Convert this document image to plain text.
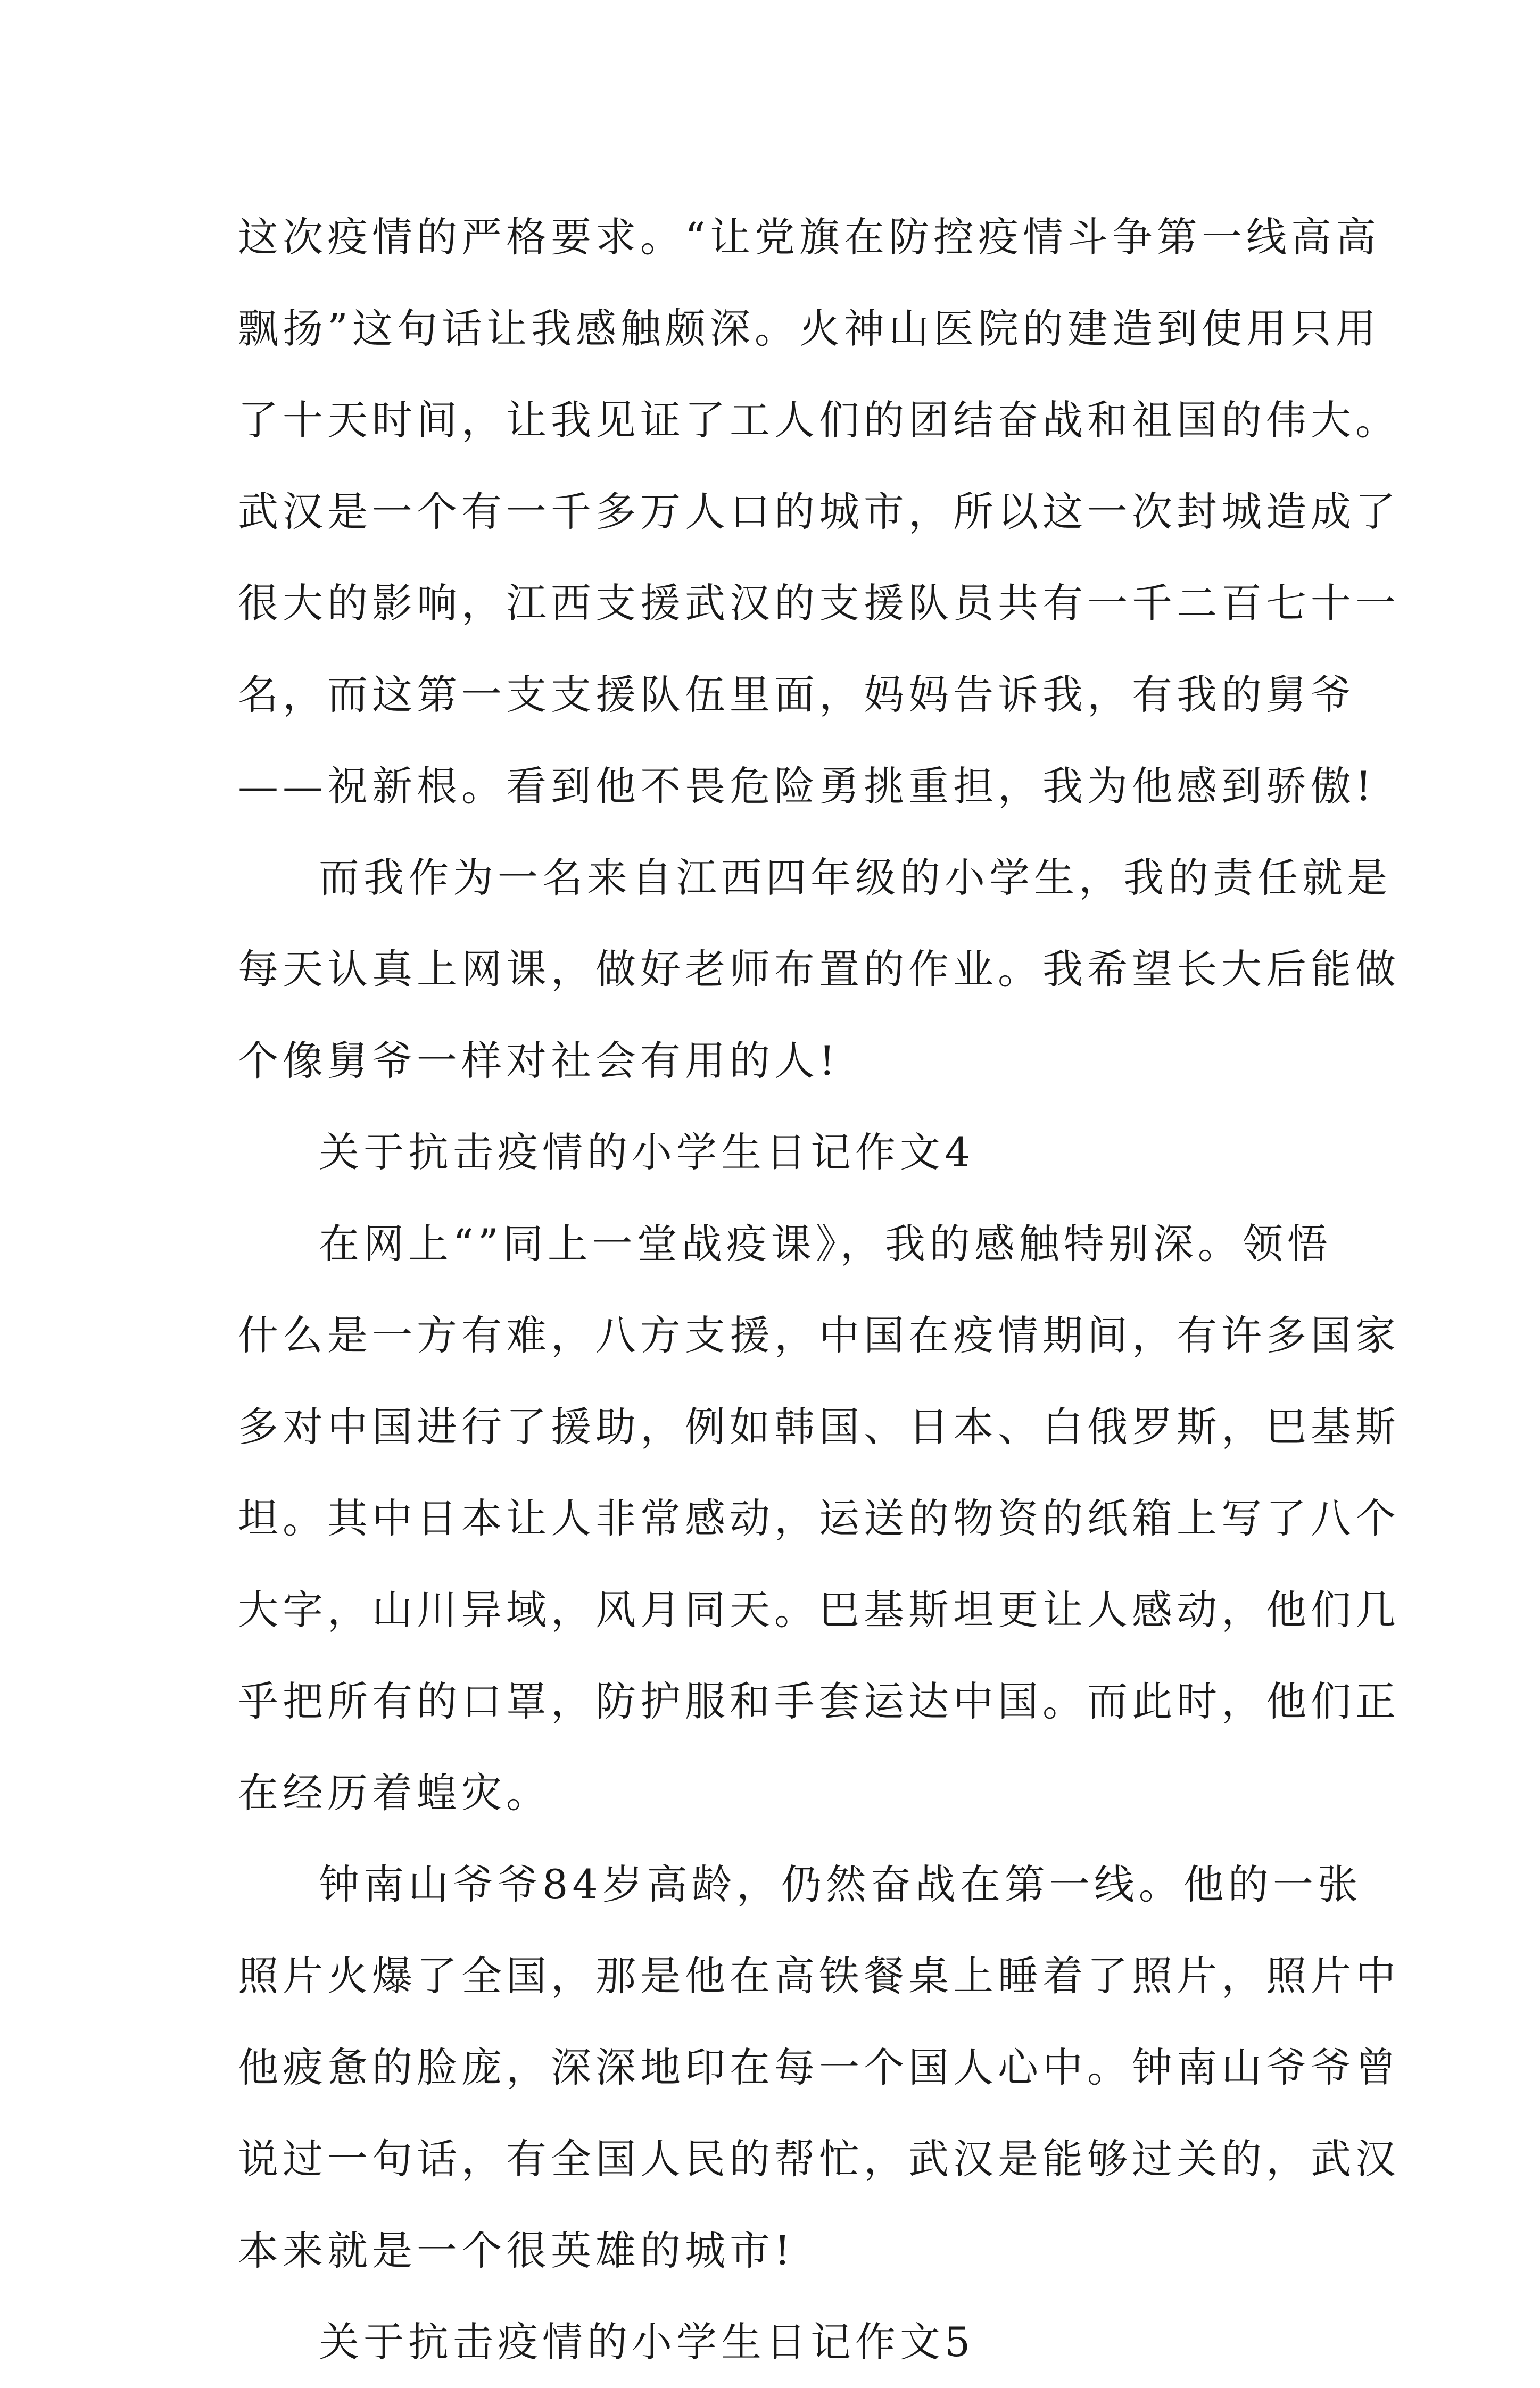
这次疫情的严格要求。“让党旗在防控疫情斗争第一线高高
飘扬”这句话让我感触颇深。火神山医院的建造到使用只用
了十天时间，让我见证了工人们的团结奋战和祖国的伟大。
武汉是一个有一千多万人口的城市，所以这一次封城造成了
很大的影响，江西支援武汉的支援队员共有一千二百七十一
名，而这第一支支援队伍里面，妈妈告诉我，有我的舅爷
——祝新根。看到他不畏危险勇挑重担，我为他感到骄傲!
而我作为一名来自江西四年级的小学生，我的责任就是
每天认真上网课，做好老师布置的作业。我希望长大后能做
个像舅爷一样对社会有用的人!
关于抗击疫情的小学生日记作文4
在网上“”同上一堂战疫课》，我的感触特别深。领悟
什么是一方有难，八方支援，中国在疫情期间，有许多国家
多对中国进行了援助，例如韩国、日本、白俄罗斯，巴基斯
坦。其中日本让人非常感动，运送的物资的纸箱上写了八个
大字，山川异域，风月同天。巴基斯坦更让人感动，他们几
乎把所有的口罩，防护服和手套运达中国。而此时，他们正
在经历着蝗灾。
钟南山爷爷84岁高龄，仍然奋战在第一线。他的一张
照片火爆了全国，那是他在高铁餐桌上睡着了照片，照片中
他疲惫的脸庞，深深地印在每一个国人心中。钟南山爷爷曾
说过一句话，有全国人民的帮忙，武汉是能够过关的，武汉
本来就是一个很英雄的城市!
关于抗击疫情的小学生日记作文5
